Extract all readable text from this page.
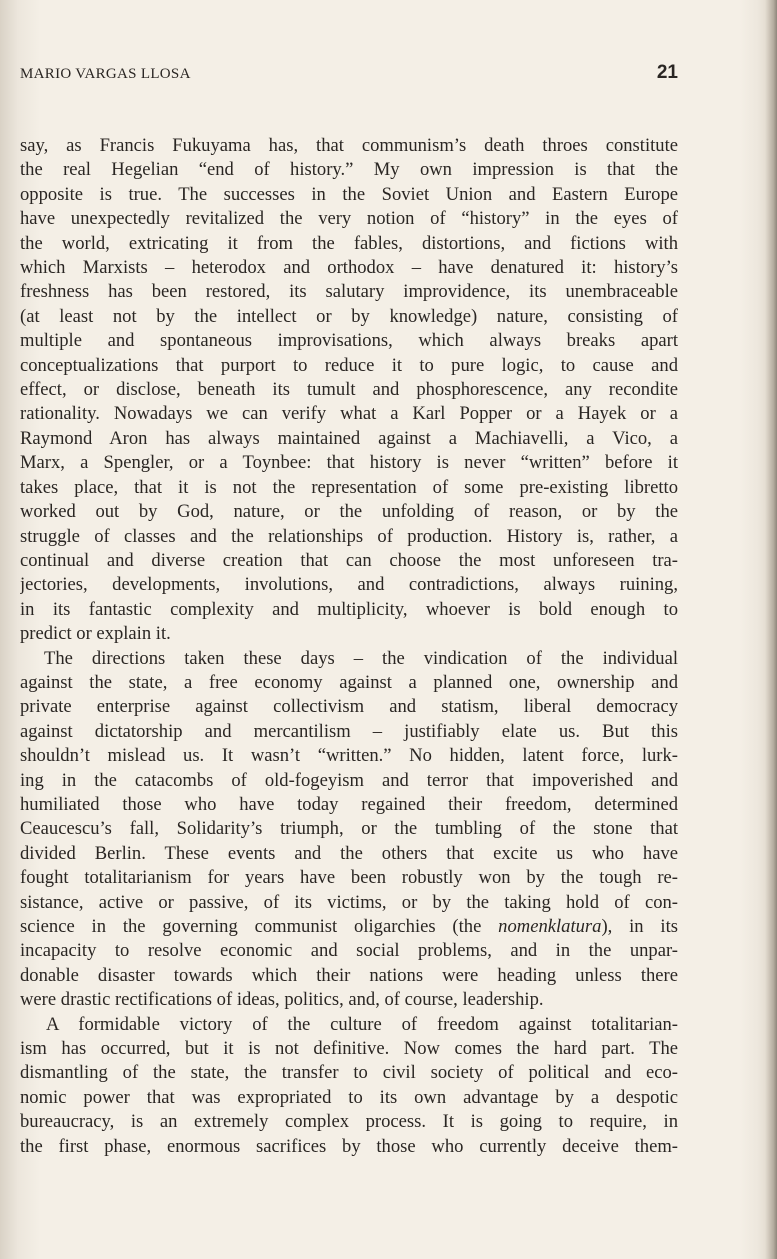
MARIO VARGAS LLOSA	21
say, as Francis Fukuyama has, that communism’s death throes constitute
the real Hegelian “end of history.” My own impression is that the
opposite is true. The successes in the Soviet Union and Eastern Europe
have unexpectedly revitalized the very notion of “history” in the eyes of
the world, extricating it from the fables, distortions, and fictions with
which Marxists – heterodox and orthodox – have denatured it: history’s
freshness has been restored, its salutary improvidence, its unembraceable
(at least not by the intellect or by knowledge) nature, consisting of
multiple and spontaneous improvisations, which always breaks apart
conceptualizations that purport to reduce it to pure logic, to cause and
effect, or disclose, beneath its tumult and phosphorescence, any recondite
rationality. Nowadays we can verify what a Karl Popper or a Hayek or a
Raymond Aron has always maintained against a Machiavelli, a Vico, a
Marx, a Spengler, or a Toynbee: that history is never “written” before it
takes place, that it is not the representation of some pre-existing libretto
worked out by God, nature, or the unfolding of reason, or by the
struggle of classes and the relationships of production. History is, rather, a
continual and diverse creation that can choose the most unforeseen tra-
jectories, developments, involutions, and contradictions, always ruining,
in its fantastic complexity and multiplicity, whoever is bold enough to
predict or explain it.
The directions taken these days – the vindication of the individual
against the state, a free economy against a planned one, ownership and
private enterprise against collectivism and statism, liberal democracy
against dictatorship and mercantilism – justifiably elate us. But this
shouldn’t mislead us. It wasn’t “written.” No hidden, latent force, lurk-
ing in the catacombs of old-fogeyism and terror that impoverished and
humiliated those who have today regained their freedom, determined
Ceaucescu’s fall, Solidarity’s triumph, or the tumbling of the stone that
divided Berlin. These events and the others that excite us who have
fought totalitarianism for years have been robustly won by the tough re-
sistance, active or passive, of its victims, or by the taking hold of con-
science in the governing communist oligarchies (the nomenklatura), in its
incapacity to resolve economic and social problems, and in the unpar-
donable disaster towards which their nations were heading unless there
were drastic rectifications of ideas, politics, and, of course, leadership.
A formidable victory of the culture of freedom against totalitarian-
ism has occurred, but it is not definitive. Now comes the hard part. The
dismantling of the state, the transfer to civil society of political and eco-
nomic power that was expropriated to its own advantage by a despotic
bureaucracy, is an extremely complex process. It is going to require, in
the first phase, enormous sacrifices by those who currently deceive them-
